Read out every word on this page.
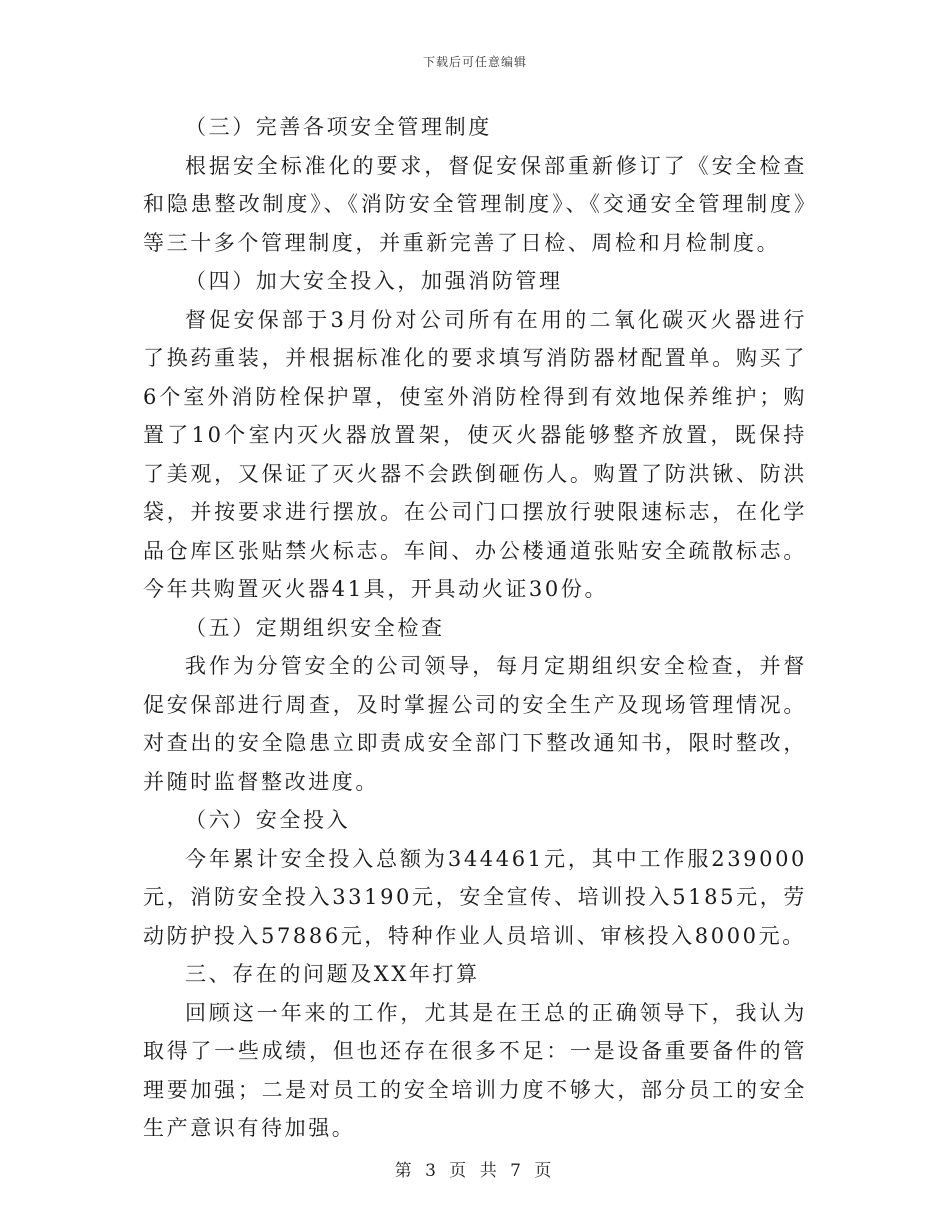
下载后可任意编辑

（三）完善各项安全管理制度

根据安全标准化的要求，督促安保部重新修订了《安全检查和隐患整改制度》、《消防安全管理制度》、《交通安全管理制度》等三十多个管理制度，并重新完善了日检、周检和月检制度。

（四）加大安全投入，加强消防管理

督促安保部于3月份对公司所有在用的二氧化碳灭火器进行了换药重装，并根据标准化的要求填写消防器材配置单。购买了6个室外消防栓保护罩，使室外消防栓得到有效地保养维护；购置了10个室内灭火器放置架，使灭火器能够整齐放置，既保持了美观，又保证了灭火器不会跌倒砸伤人。购置了防洪锹、防洪袋，并按要求进行摆放。在公司门口摆放行驶限速标志，在化学品仓库区张贴禁火标志。车间、办公楼通道张贴安全疏散标志。今年共购置灭火器41具，开具动火证30份。

（五）定期组织安全检查

我作为分管安全的公司领导，每月定期组织安全检查，并督促安保部进行周查，及时掌握公司的安全生产及现场管理情况。对查出的安全隐患立即责成安全部门下整改通知书，限时整改，并随时监督整改进度。

（六）安全投入

今年累计安全投入总额为344461元，其中工作服239000元，消防安全投入33190元，安全宣传、培训投入5185元，劳动防护投入57886元，特种作业人员培训、审核投入8000元。

三、存在的问题及XX年打算

回顾这一年来的工作，尤其是在王总的正确领导下，我认为取得了一些成绩，但也还存在很多不足：一是设备重要备件的管理要加强；二是对员工的安全培训力度不够大，部分员工的安全生产意识有待加强。

第 3 页 共 7 页
